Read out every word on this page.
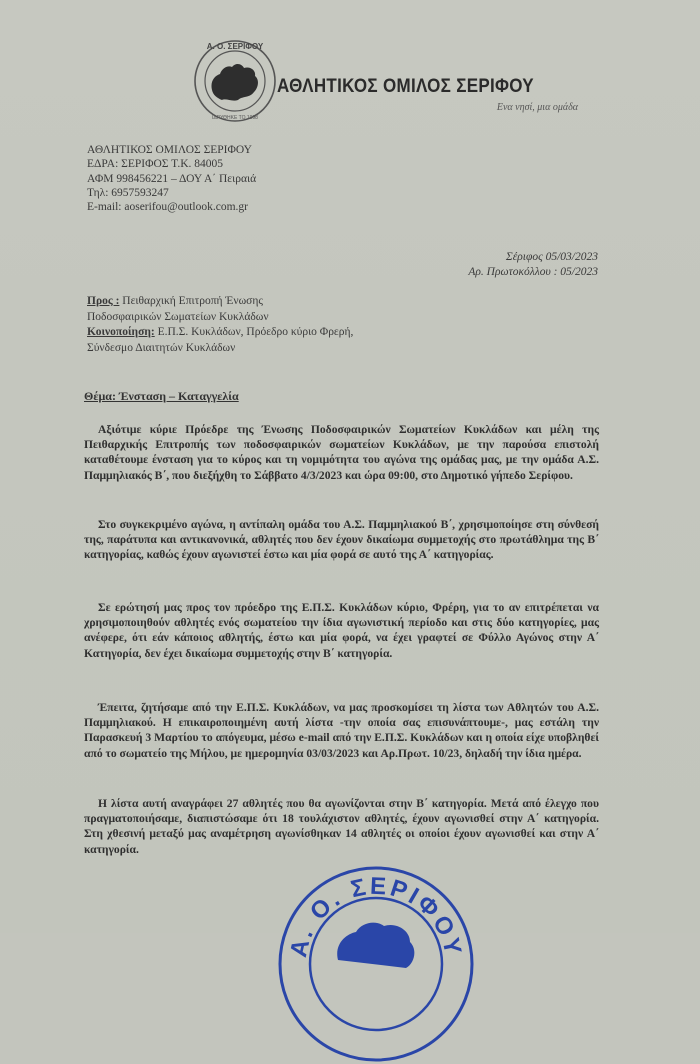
Α. Ο. ΣΕΡΙΦΟΥ
ΙΔΡΥΘΗΚΕ ΤΟ 1998
ΑΘΛΗΤΙΚΟΣ ΟΜΙΛΟΣ ΣΕΡΙΦΟΥ
Ενα νησί, μια ομάδα
ΑΘΛΗΤΙΚΟΣ ΟΜΙΛΟΣ ΣΕΡΙΦΟΥ
ΕΔΡΑ: ΣΕΡΙΦΟΣ Τ.Κ. 84005
ΑΦΜ 998456221 – ΔΟΥ Α΄ Πειραιά
Τηλ: 6957593247
E-mail: aoserifou@outlook.com.gr
Σέριφος 05/03/2023
Αρ. Πρωτοκόλλου : 05/2023
Προς : Πειθαρχική Επιτροπή Ένωσης
Ποδοσφαιρικών Σωματείων Κυκλάδων
Κοινοποίηση: Ε.Π.Σ. Κυκλάδων, Πρόεδρο κύριο Φρερή,
Σύνδεσμο Διαιτητών Κυκλάδων
Θέμα: Ένσταση – Καταγγελία
Αξιότιμε κύριε Πρόεδρε της Ένωσης Ποδοσφαιρικών Σωματείων Κυκλάδων και μέλη της Πειθαρχικής Επιτροπής των ποδοσφαιρικών σωματείων Κυκλάδων, με την παρούσα επιστολή καταθέτουμε ένσταση για το κύρος και τη νομιμότητα του αγώνα της ομάδας μας, με την ομάδα Α.Σ. Παμμηλιακός Β΄, που διεξήχθη το Σάββατο 4/3/2023 και ώρα 09:00, στο Δημοτικό γήπεδο Σερίφου.
Στο συγκεκριμένο αγώνα, η αντίπαλη ομάδα του Α.Σ. Παμμηλιακού Β΄, χρησιμοποίησε στη σύνθεσή της, παράτυπα και αντικανονικά, αθλητές που δεν έχουν δικαίωμα συμμετοχής στο πρωτάθλημα της Β΄ κατηγορίας, καθώς έχουν αγωνιστεί έστω και μία φορά σε αυτό της Α΄ κατηγορίας.
Σε ερώτησή μας προς τον πρόεδρο της Ε.Π.Σ. Κυκλάδων κύριο, Φρέρη, για το αν επιτρέπεται να χρησιμοποιηθούν αθλητές ενός σωματείου την ίδια αγωνιστική περίοδο και στις δύο κατηγορίες, μας ανέφερε, ότι εάν κάποιος αθλητής, έστω και μία φορά, να έχει γραφτεί σε Φύλλο Αγώνος στην Α΄ Κατηγορία, δεν έχει δικαίωμα συμμετοχής στην Β΄ κατηγορία.
Έπειτα, ζητήσαμε από την Ε.Π.Σ. Κυκλάδων, να μας προσκομίσει τη λίστα των Αθλητών του Α.Σ. Παμμηλιακού. Η επικαιροποιημένη αυτή λίστα -την οποία σας επισυνάπτουμε-, μας εστάλη την Παρασκευή 3 Μαρτίου το απόγευμα, μέσω e-mail από την Ε.Π.Σ. Κυκλάδων και η οποία είχε υποβληθεί από το σωματείο της Μήλου, με ημερομηνία 03/03/2023 και Αρ.Πρωτ. 10/23, δηλαδή την ίδια ημέρα.
Η λίστα αυτή αναγράφει 27 αθλητές που θα αγωνίζονται στην Β΄ κατηγορία. Μετά από έλεγχο που πραγματοποιήσαμε, διαπιστώσαμε ότι 18 τουλάχιστον αθλητές, έχουν αγωνισθεί στην Α΄ κατηγορία. Στη χθεσινή μεταξύ μας αναμέτρηση αγωνίσθηκαν 14 αθλητές οι οποίοι έχουν αγωνισθεί και στην Α΄ κατηγορία.
Α. Ο. ΣΕΡΙΦΟΥ
